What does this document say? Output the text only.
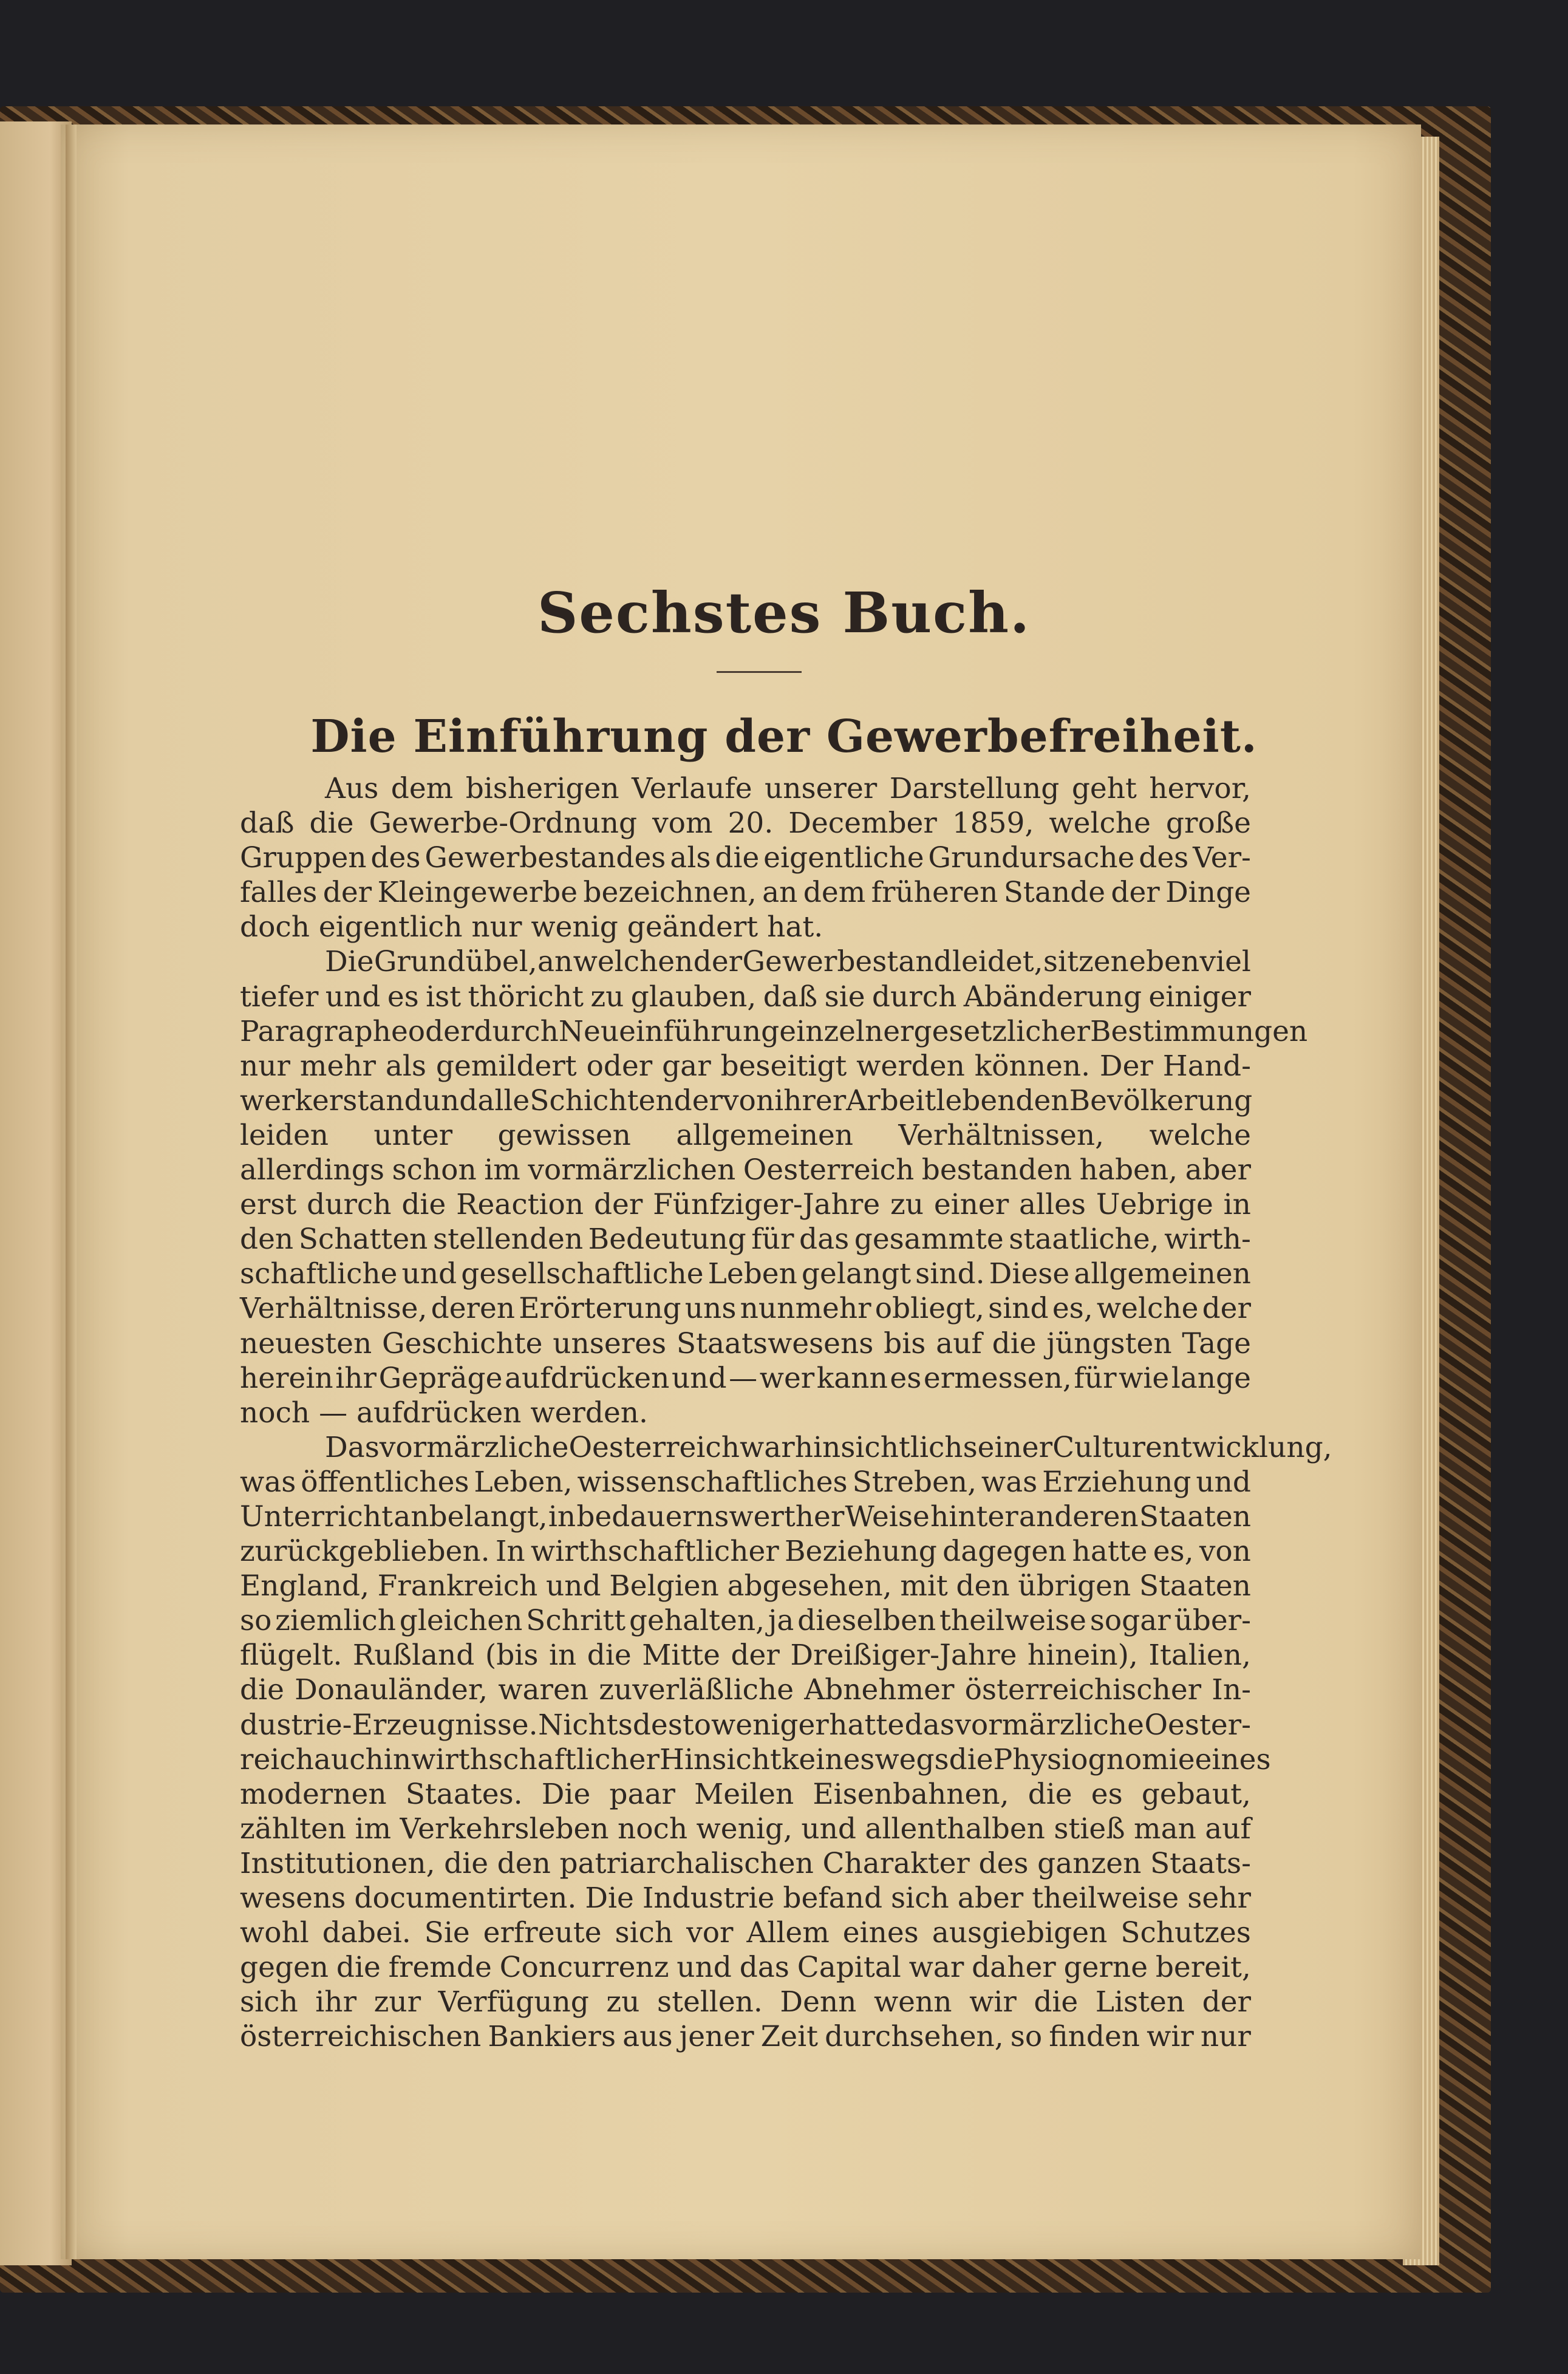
Sechstes Buch.
Die Einführung der Gewerbefreiheit.
Aus dem bisherigen Verlaufe unserer Darstellung geht hervor,
daß die Gewerbe-Ordnung vom 20. December 1859, welche große
Gruppen des Gewerbestandes als die eigentliche Grundursache des Ver-
falles der Kleingewerbe bezeichnen, an dem früheren Stande der Dinge
doch eigentlich nur wenig geändert hat.
Die Grundübel, an welchen der Gewerbestand leidet, sitzen eben viel
tiefer und es ist thöricht zu glauben, daß sie durch Abänderung einiger
Paragraphe oder durch Neueinführung einzelner gesetzlicher Bestimmungen
nur mehr als gemildert oder gar beseitigt werden können. Der Hand-
werkerstand und alle Schichten der von ihrer Arbeit lebenden Bevölkerung
leiden unter gewissen allgemeinen Verhältnissen, welche
allerdings schon im vormärzlichen Oesterreich bestanden haben, aber
erst durch die Reaction der Fünfziger-Jahre zu einer alles Uebrige in
den Schatten stellenden Bedeutung für das gesammte staatliche, wirth-
schaftliche und gesellschaftliche Leben gelangt sind. Diese allgemeinen
Verhältnisse, deren Erörterung uns nunmehr obliegt, sind es, welche der
neuesten Geschichte unseres Staatswesens bis auf die jüngsten Tage
herein ihr Gepräge aufdrücken und — wer kann es ermessen, für wie lange
noch — aufdrücken werden.
Das vormärzliche Oesterreich war hinsichtlich seiner Culturentwicklung,
was öffentliches Leben, wissenschaftliches Streben, was Erziehung und
Unterricht anbelangt, in bedauernswerther Weise hinter anderen Staaten
zurückgeblieben. In wirthschaftlicher Beziehung dagegen hatte es, von
England, Frankreich und Belgien abgesehen, mit den übrigen Staaten
so ziemlich gleichen Schritt gehalten, ja dieselben theilweise sogar über-
flügelt. Rußland (bis in die Mitte der Dreißiger-Jahre hinein), Italien,
die Donauländer, waren zuverläßliche Abnehmer österreichischer In-
dustrie-Erzeugnisse. Nichtsdestoweniger hatte das vormärzliche Oester-
reich auch in wirthschaftlicher Hinsicht keineswegs die Physiognomie eines
modernen Staates. Die paar Meilen Eisenbahnen, die es gebaut,
zählten im Verkehrsleben noch wenig, und allenthalben stieß man auf
Institutionen, die den patriarchalischen Charakter des ganzen Staats-
wesens documentirten. Die Industrie befand sich aber theilweise sehr
wohl dabei. Sie erfreute sich vor Allem eines ausgiebigen Schutzes
gegen die fremde Concurrenz und das Capital war daher gerne bereit,
sich ihr zur Verfügung zu stellen. Denn wenn wir die Listen der
österreichischen Bankiers aus jener Zeit durchsehen, so finden wir nur
